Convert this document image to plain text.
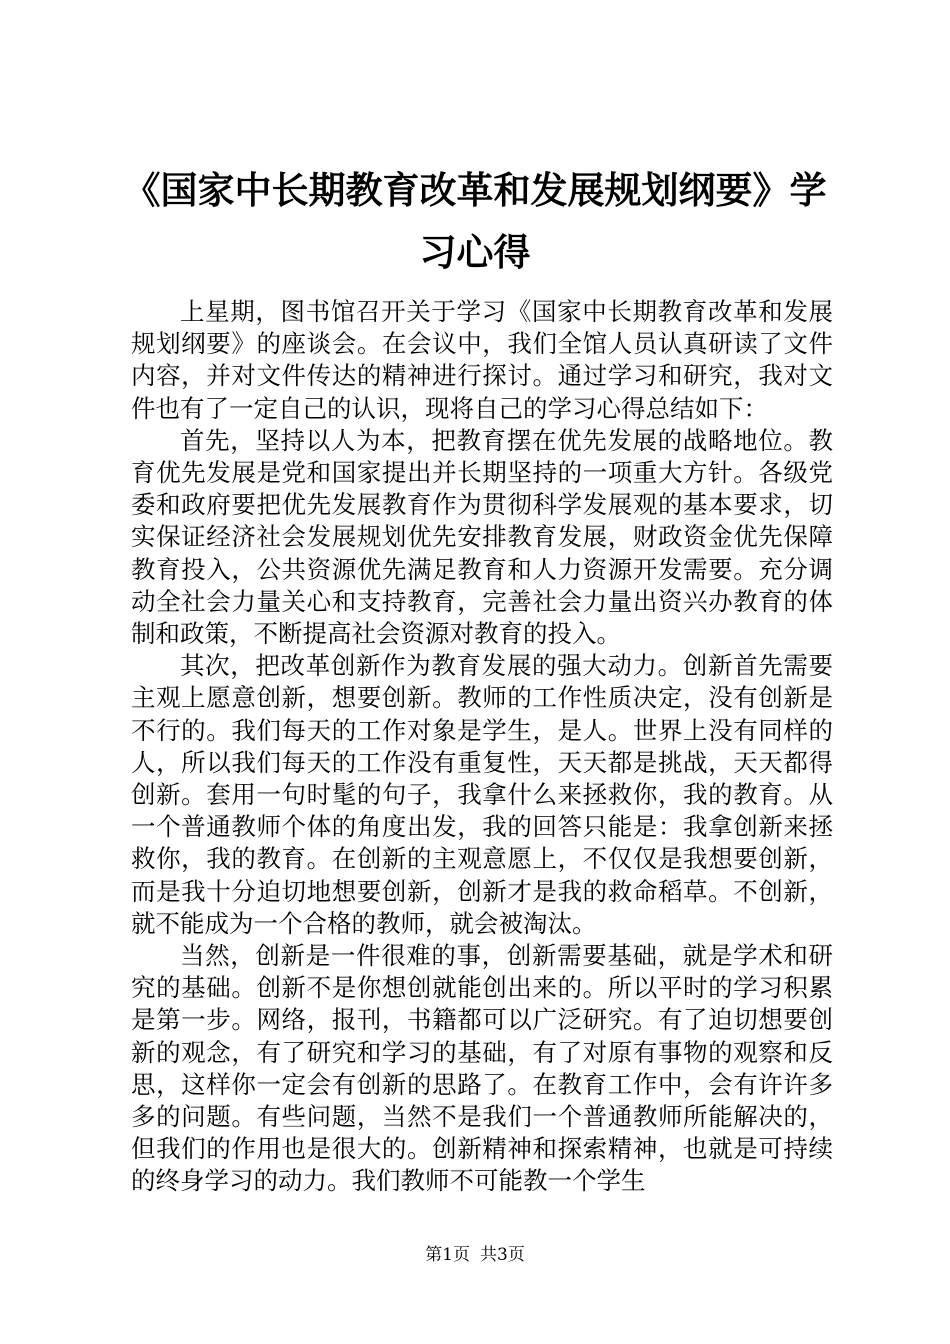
《国家中长期教育改革和发展规划纲要》学习心得

上星期，图书馆召开关于学习《国家中长期教育改革和发展规划纲要》的座谈会。在会议中，我们全馆人员认真研读了文件内容，并对文件传达的精神进行探讨。通过学习和研究，我对文件也有了一定自己的认识，现将自己的学习心得总结如下：

首先，坚持以人为本，把教育摆在优先发展的战略地位。教育优先发展是党和国家提出并长期坚持的一项重大方针。各级党委和政府要把优先发展教育作为贯彻科学发展观的基本要求，切实保证经济社会发展规划优先安排教育发展，财政资金优先保障教育投入，公共资源优先满足教育和人力资源开发需要。充分调动全社会力量关心和支持教育，完善社会力量出资兴办教育的体制和政策，不断提高社会资源对教育的投入。

其次，把改革创新作为教育发展的强大动力。创新首先需要主观上愿意创新，想要创新。教师的工作性质决定，没有创新是不行的。我们每天的工作对象是学生，是人。世界上没有同样的人，所以我们每天的工作没有重复性，天天都是挑战，天天都得创新。套用一句时髦的句子，我拿什么来拯救你，我的教育。从一个普通教师个体的角度出发，我的回答只能是：我拿创新来拯救你，我的教育。在创新的主观意愿上，不仅仅是我想要创新，而是我十分迫切地想要创新，创新才是我的救命稻草。不创新，就不能成为一个合格的教师，就会被淘汰。

当然，创新是一件很难的事，创新需要基础，就是学术和研究的基础。创新不是你想创就能创出来的。所以平时的学习积累是第一步。网络，报刊，书籍都可以广泛研究。有了迫切想要创新的观念，有了研究和学习的基础，有了对原有事物的观察和反思，这样你一定会有创新的思路了。在教育工作中，会有许许多多的问题。有些问题，当然不是我们一个普通教师所能解决的，但我们的作用也是很大的。创新精神和探索精神，也就是可持续的终身学习的动力。我们教师不可能教一个学生

第1页 共3页
